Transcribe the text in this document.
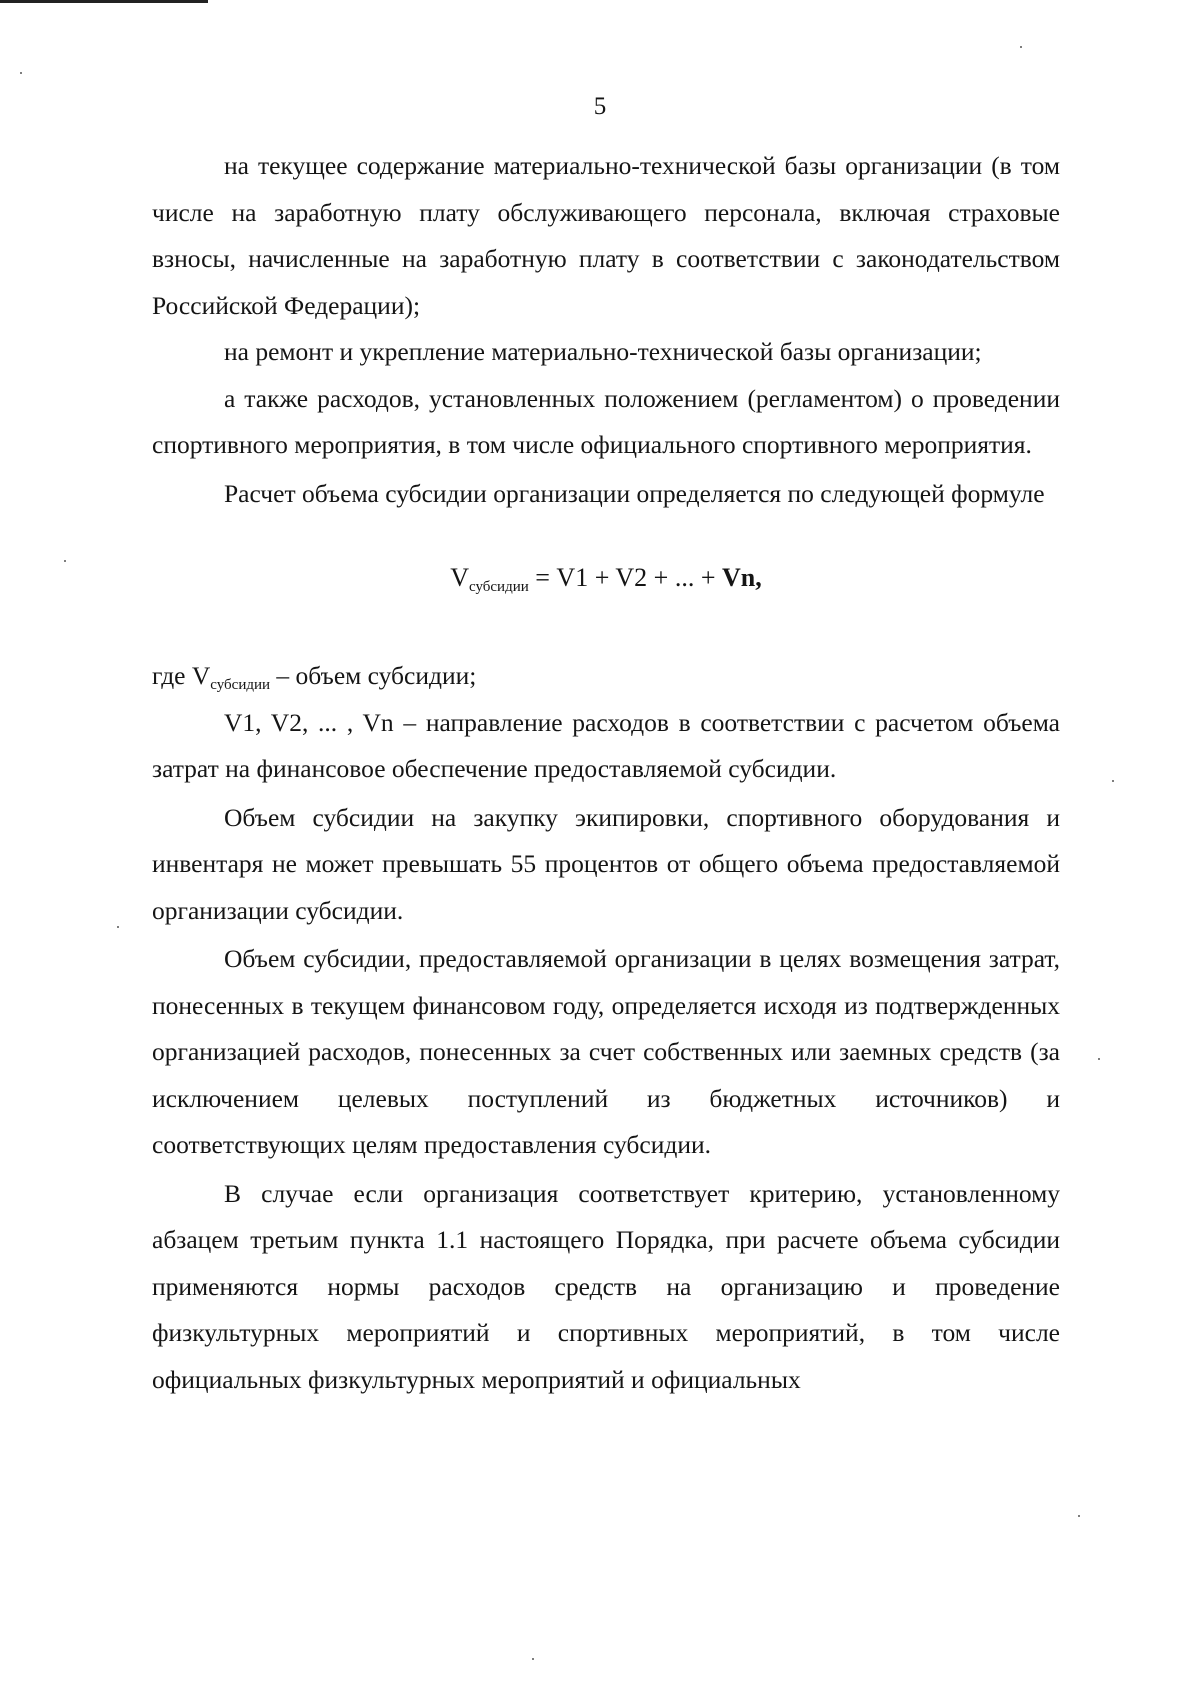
5

на текущее содержание материально-технической базы организации (в том числе на заработную плату обслуживающего персонала, включая страховые взносы, начисленные на заработную плату в соответствии с законодательством Российской Федерации);

на ремонт и укрепление материально-технической базы организации;

а также расходов, установленных положением (регламентом) о проведении спортивного мероприятия, в том числе официального спортивного мероприятия.

Расчет объема субсидии организации определяется по следующей формуле

$V_{субсидии} = V1 + V2$ + ... + Vn,

где $V_{субсидии}$ – объем субсидии;

V1, V2, ... , Vn – направление расходов в соответствии с расчетом объема затрат на финансовое обеспечение предоставляемой субсидии.

Объем субсидии на закупку экипировки, спортивного оборудования и инвентаря не может превышать 55 процентов от общего объема предоставляемой организации субсидии.

Объем субсидии, предоставляемой организации в целях возмещения затрат, понесенных в текущем финансовом году, определяется исходя из подтвержденных организацией расходов, понесенных за счет собственных или заемных средств (за исключением целевых поступлений из бюджетных источников) и соответствующих целям предоставления субсидии.

В случае если организация соответствует критерию, установленному абзацем третьим пункта 1.1 настоящего Порядка, при расчете объема субсидии применяются нормы расходов средств на организацию и проведение физкультурных мероприятий и спортивных мероприятий, в том числе официальных физкультурных мероприятий и официальных
